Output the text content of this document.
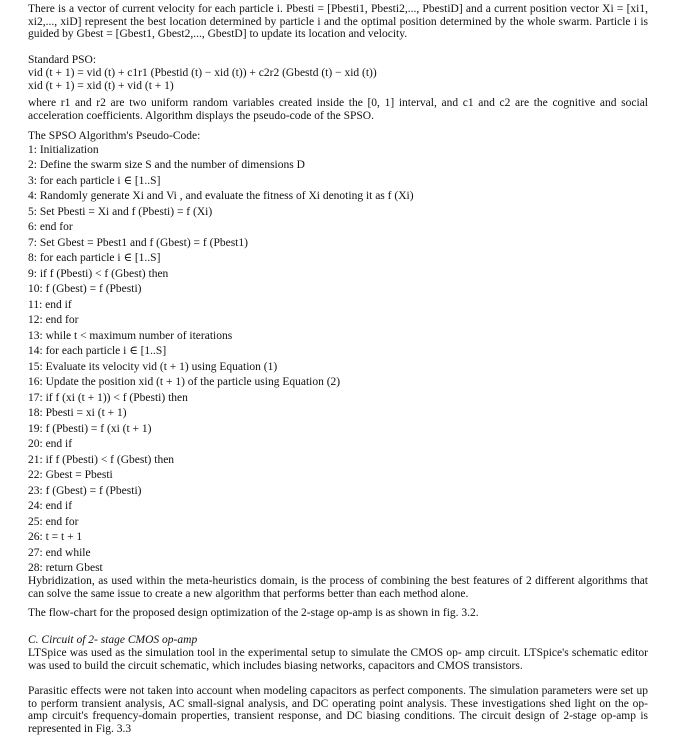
There is a vector of current velocity for each particle i. Pbesti = [Pbesti1, Pbesti2,..., PbestiD] and a current position vector Xi = [xi1, xi2,..., xiD] represent the best location determined by particle i and the optimal position determined by the whole swarm. Particle i is guided by Gbest = [Gbest1, Gbest2,..., GbestD] to update its location and velocity.
Standard PSO:
vid (t + 1) = vid (t) + c1r1 (Pbestid (t) − xid (t)) + c2r2 (Gbestd (t) − xid (t))
xid (t + 1) = xid (t) + vid (t + 1)
where r1 and r2 are two uniform random variables created inside the [0, 1] interval, and c1 and c2 are the cognitive and social acceleration coefficients. Algorithm displays the pseudo-code of the SPSO.
The SPSO Algorithm's Pseudo-Code:
1: Initialization
2: Define the swarm size S and the number of dimensions D
3: for each particle i ∈ [1..S]
4: Randomly generate Xi and Vi , and evaluate the fitness of Xi denoting it as f (Xi)
5: Set Pbesti = Xi and f (Pbesti) = f (Xi)
6: end for
7: Set Gbest = Pbest1 and f (Gbest) = f (Pbest1)
8: for each particle i ∈ [1..S]
9: if f (Pbesti) < f (Gbest) then
10: f (Gbest) = f (Pbesti)
11: end if
12: end for
13: while t < maximum number of iterations
14: for each particle i ∈ [1..S]
15: Evaluate its velocity vid (t + 1) using Equation (1)
16: Update the position xid (t + 1) of the particle using Equation (2)
17: if f (xi (t + 1)) < f (Pbesti) then
18: Pbesti = xi (t + 1)
19: f (Pbesti) = f (xi (t + 1)
20: end if
21: if f (Pbesti) < f (Gbest) then
22: Gbest = Pbesti
23: f (Gbest) = f (Pbesti)
24: end if
25: end for
26: t = t + 1
27: end while
28: return Gbest
Hybridization, as used within the meta-heuristics domain, is the process of combining the best features of 2 different algorithms that can solve the same issue to create a new algorithm that performs better than each method alone.
The flow-chart for the proposed design optimization of the 2-stage op-amp is as shown in fig. 3.2.
C. Circuit of 2- stage CMOS op-amp
LTSpice was used as the simulation tool in the experimental setup to simulate the CMOS op- amp circuit. LTSpice's schematic editor was used to build the circuit schematic, which includes biasing networks, capacitors and CMOS transistors.
Parasitic effects were not taken into account when modeling capacitors as perfect components. The simulation parameters were set up to perform transient analysis, AC small-signal analysis, and DC operating point analysis. These investigations shed light on the op-amp circuit's frequency-domain properties, transient response, and DC biasing conditions. The circuit design of 2-stage op-amp is represented in Fig. 3.3
